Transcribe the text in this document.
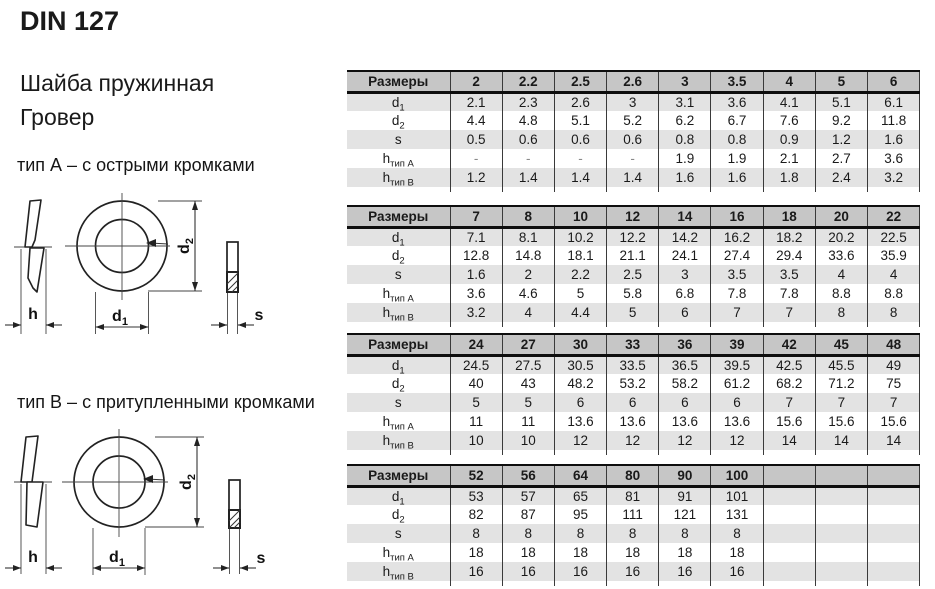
DIN 127
Шайба пружинная
Гровер
тип А – с острыми кромками
тип B – с притупленными кромками
h
$d_2$
$d_1$	s
h
$d_2$
$d_1$	s
Размеры	2	2.2	2.5	2.6	3	3.5	4	5	6
$d_1$	2.1	2.3	2.6	3	3.1	3.6	4.1	5.1	6.1
$d_2$	4.4	4.8	5.1	5.2	6.2	6.7	7.6	9.2	11.8
s	0.5	0.6	0.6	0.6	0.8	0.8	0.9	1.2	1.6
$h_{тип A}$	-	-	-	-	1.9	1.9	2.1	2.7	3.6
$h_{тип B}$	1.2	1.4	1.4	1.4	1.6	1.6	1.8	2.4	3.2

Размеры	7	8	10	12	14	16	18	20	22
$d_1$	7.1	8.1	10.2	12.2	14.2	16.2	18.2	20.2	22.5
$d_2$	12.8	14.8	18.1	21.1	24.1	27.4	29.4	33.6	35.9
s	1.6	2	2.2	2.5	3	3.5	3.5	4	4
$h_{тип A}$	3.6	4.6	5	5.8	6.8	7.8	7.8	8.8	8.8
$h_{тип B}$	3.2	4	4.4	5	6	7	7	8	8

Размеры	24	27	30	33	36	39	42	45	48
$d_1$	24.5	27.5	30.5	33.5	36.5	39.5	42.5	45.5	49
$d_2$	40	43	48.2	53.2	58.2	61.2	68.2	71.2	75
s	5	5	6	6	6	6	7	7	7
$h_{тип A}$	11	11	13.6	13.6	13.6	13.6	15.6	15.6	15.6
$h_{тип B}$	10	10	12	12	12	12	14	14	14

Размеры	52	56	64	80	90	100			
$d_1$	53	57	65	81	91	101			
$d_2$	82	87	95	111	121	131			
s	8	8	8	8	8	8			
$h_{тип A}$	18	18	18	18	18	18			
$h_{тип B}$	16	16	16	16	16	16			
